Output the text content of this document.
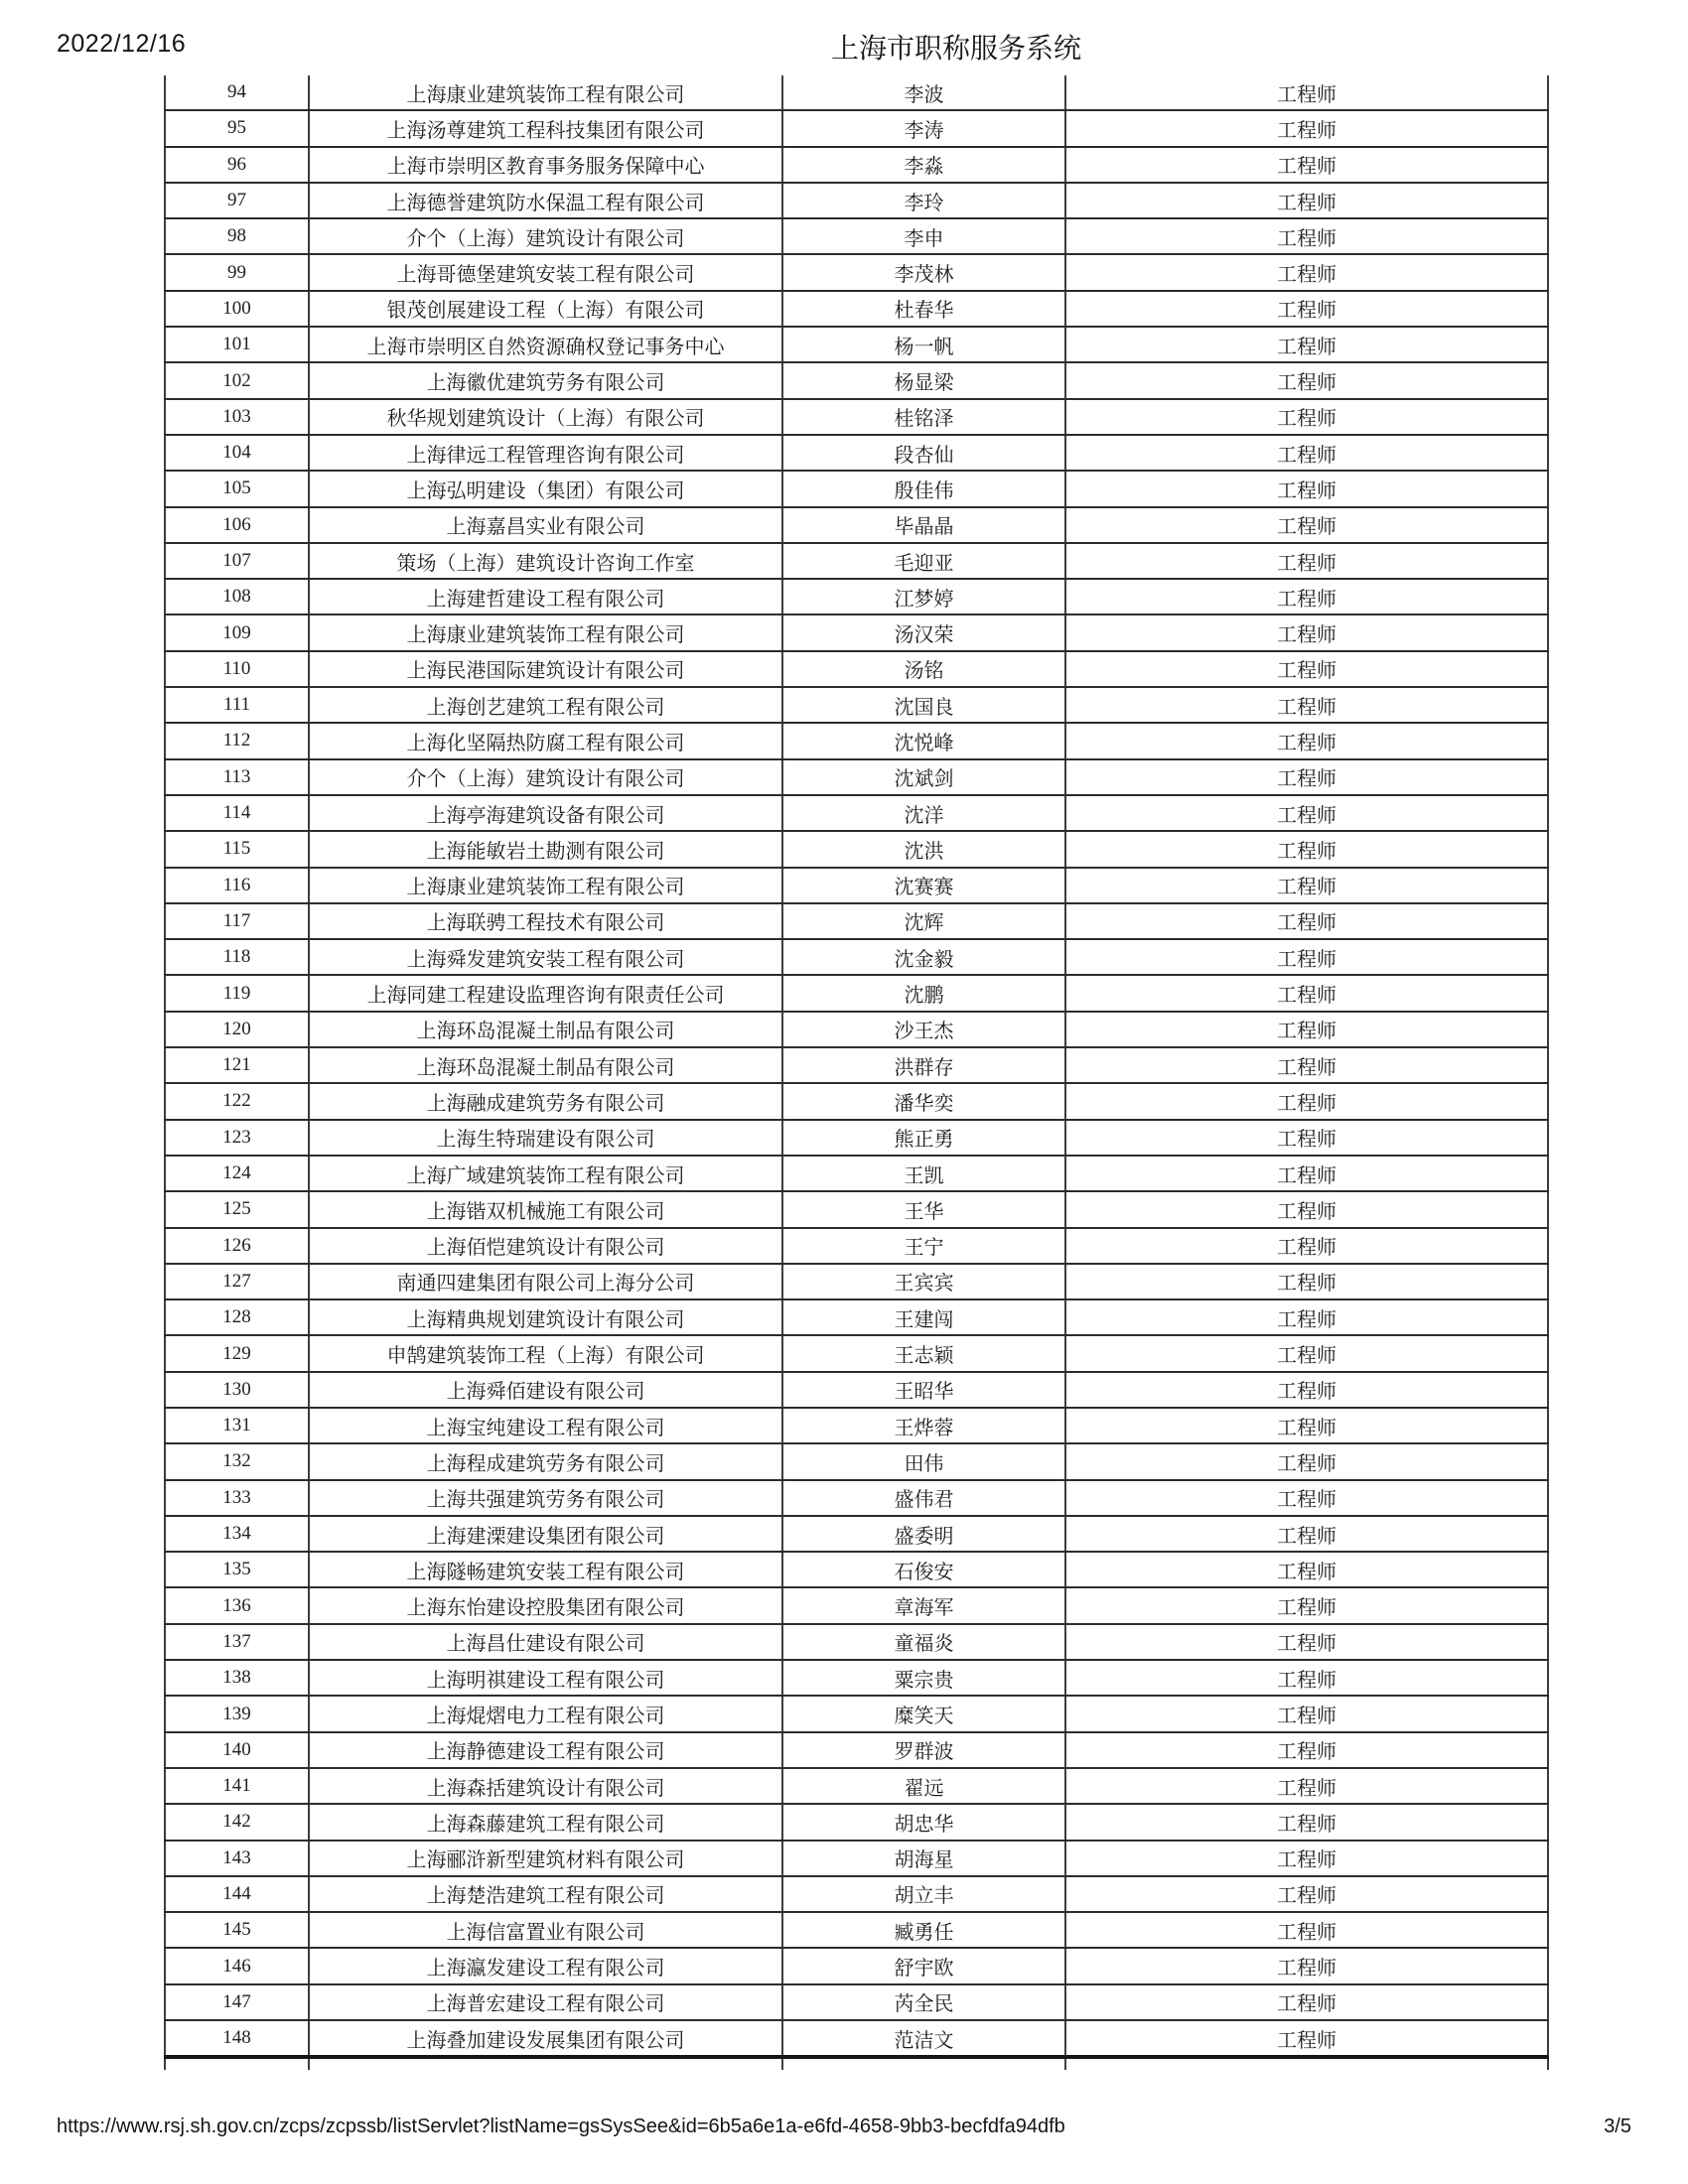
2022/12/16	上海市职称服务系统
94	上海康业建筑装饰工程有限公司	李波	工程师
95	上海汤尊建筑工程科技集团有限公司	李涛	工程师
96	上海市崇明区教育事务服务保障中心	李淼	工程师
97	上海德誉建筑防水保温工程有限公司	李玲	工程师
98	介个（上海）建筑设计有限公司	李申	工程师
99	上海哥德堡建筑安装工程有限公司	李茂林	工程师
100	银茂创展建设工程（上海）有限公司	杜春华	工程师
101	上海市崇明区自然资源确权登记事务中心	杨一帆	工程师
102	上海徽优建筑劳务有限公司	杨显梁	工程师
103	秋华规划建筑设计（上海）有限公司	桂铭泽	工程师
104	上海律远工程管理咨询有限公司	段杏仙	工程师
105	上海弘明建设（集团）有限公司	殷佳伟	工程师
106	上海嘉昌实业有限公司	毕晶晶	工程师
107	策场（上海）建筑设计咨询工作室	毛迎亚	工程师
108	上海建哲建设工程有限公司	江梦婷	工程师
109	上海康业建筑装饰工程有限公司	汤汉荣	工程师
110	上海民港国际建筑设计有限公司	汤铭	工程师
111	上海创艺建筑工程有限公司	沈国良	工程师
112	上海化坚隔热防腐工程有限公司	沈悦峰	工程师
113	介个（上海）建筑设计有限公司	沈斌剑	工程师
114	上海亭海建筑设备有限公司	沈洋	工程师
115	上海能敏岩土勘测有限公司	沈洪	工程师
116	上海康业建筑装饰工程有限公司	沈赛赛	工程师
117	上海联骋工程技术有限公司	沈辉	工程师
118	上海舜发建筑安装工程有限公司	沈金毅	工程师
119	上海同建工程建设监理咨询有限责任公司	沈鹏	工程师
120	上海环岛混凝土制品有限公司	沙王杰	工程师
121	上海环岛混凝土制品有限公司	洪群存	工程师
122	上海融成建筑劳务有限公司	潘华奕	工程师
123	上海生特瑞建设有限公司	熊正勇	工程师
124	上海广域建筑装饰工程有限公司	王凯	工程师
125	上海锴双机械施工有限公司	王华	工程师
126	上海佰恺建筑设计有限公司	王宁	工程师
127	南通四建集团有限公司上海分公司	王宾宾	工程师
128	上海精典规划建筑设计有限公司	王建闯	工程师
129	申鹄建筑装饰工程（上海）有限公司	王志颖	工程师
130	上海舜佰建设有限公司	王昭华	工程师
131	上海宝纯建设工程有限公司	王烨蓉	工程师
132	上海程成建筑劳务有限公司	田伟	工程师
133	上海共强建筑劳务有限公司	盛伟君	工程师
134	上海建溧建设集团有限公司	盛委明	工程师
135	上海隧畅建筑安装工程有限公司	石俊安	工程师
136	上海东怡建设控股集团有限公司	章海军	工程师
137	上海昌仕建设有限公司	童福炎	工程师
138	上海明祺建设工程有限公司	粟宗贵	工程师
139	上海焜熠电力工程有限公司	糜笑天	工程师
140	上海静德建设工程有限公司	罗群波	工程师
141	上海森括建筑设计有限公司	翟远	工程师
142	上海森藤建筑工程有限公司	胡忠华	工程师
143	上海郦浒新型建筑材料有限公司	胡海星	工程师
144	上海楚浩建筑工程有限公司	胡立丰	工程师
145	上海信富置业有限公司	臧勇任	工程师
146	上海瀛发建设工程有限公司	舒宇欧	工程师
147	上海普宏建设工程有限公司	芮全民	工程师
148	上海叠加建设发展集团有限公司	范洁文	工程师

https://www.rsj.sh.gov.cn/zcps/zcpssb/listServlet?listName=gsSysSee&id=6b5a6e1a-e6fd-4658-9bb3-becfdfa94dfb	3/5
